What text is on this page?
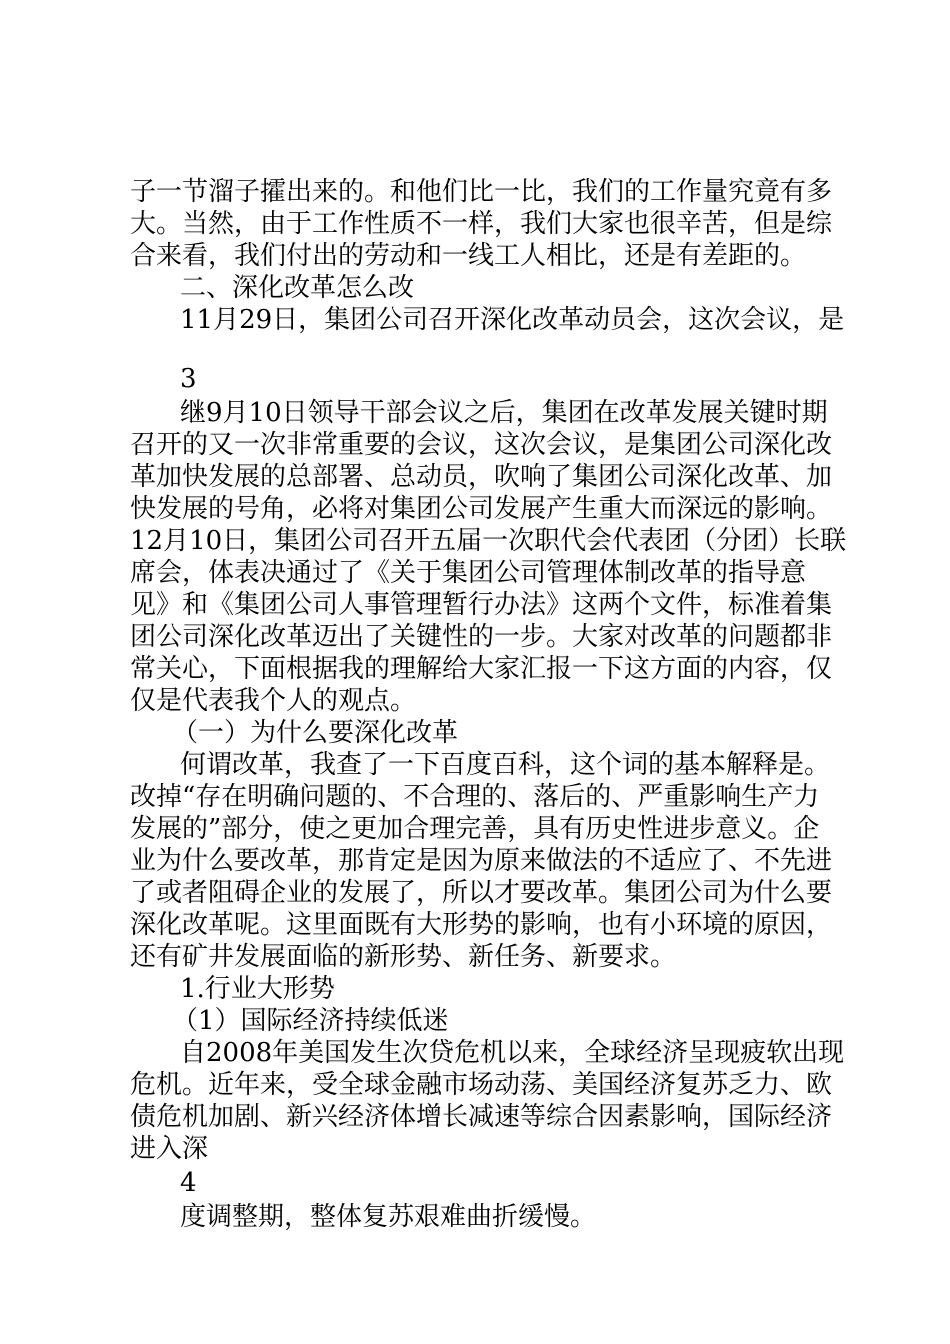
子一节溜子攉出来的。和他们比一比，我们的工作量究竟有多
大。当然，由于工作性质不一样，我们大家也很辛苦，但是综
合来看，我们付出的劳动和一线工人相比，还是有差距的。
二、深化改革怎么改
11月29日，集团公司召开深化改革动员会，这次会议，是
3
继9月10日领导干部会议之后，集团在改革发展关键时期
召开的又一次非常重要的会议，这次会议，是集团公司深化改
革加快发展的总部署、总动员，吹响了集团公司深化改革、加
快发展的号角，必将对集团公司发展产生重大而深远的影响。
12月10日，集团公司召开五届一次职代会代表团（分团）长联
席会，体表决通过了《关于集团公司管理体制改革的指导意
见》和《集团公司人事管理暂行办法》这两个文件，标准着集
团公司深化改革迈出了关键性的一步。大家对改革的问题都非
常关心，下面根据我的理解给大家汇报一下这方面的内容，仅
仅是代表我个人的观点。
（一）为什么要深化改革
何谓改革，我查了一下百度百科，这个词的基本解释是。
改掉“存在明确问题的、不合理的、落后的、严重影响生产力
发展的”部分，使之更加合理完善，具有历史性进步意义。企
业为什么要改革，那肯定是因为原来做法的不适应了、不先进
了或者阻碍企业的发展了，所以才要改革。集团公司为什么要
深化改革呢。这里面既有大形势的影响，也有小环境的原因，
还有矿井发展面临的新形势、新任务、新要求。
1.行业大形势
（1）国际经济持续低迷
自2008年美国发生次贷危机以来，全球经济呈现疲软出现
危机。近年来，受全球金融市场动荡、美国经济复苏乏力、欧
债危机加剧、新兴经济体增长减速等综合因素影响，国际经济
进入深
4
度调整期，整体复苏艰难曲折缓慢。
